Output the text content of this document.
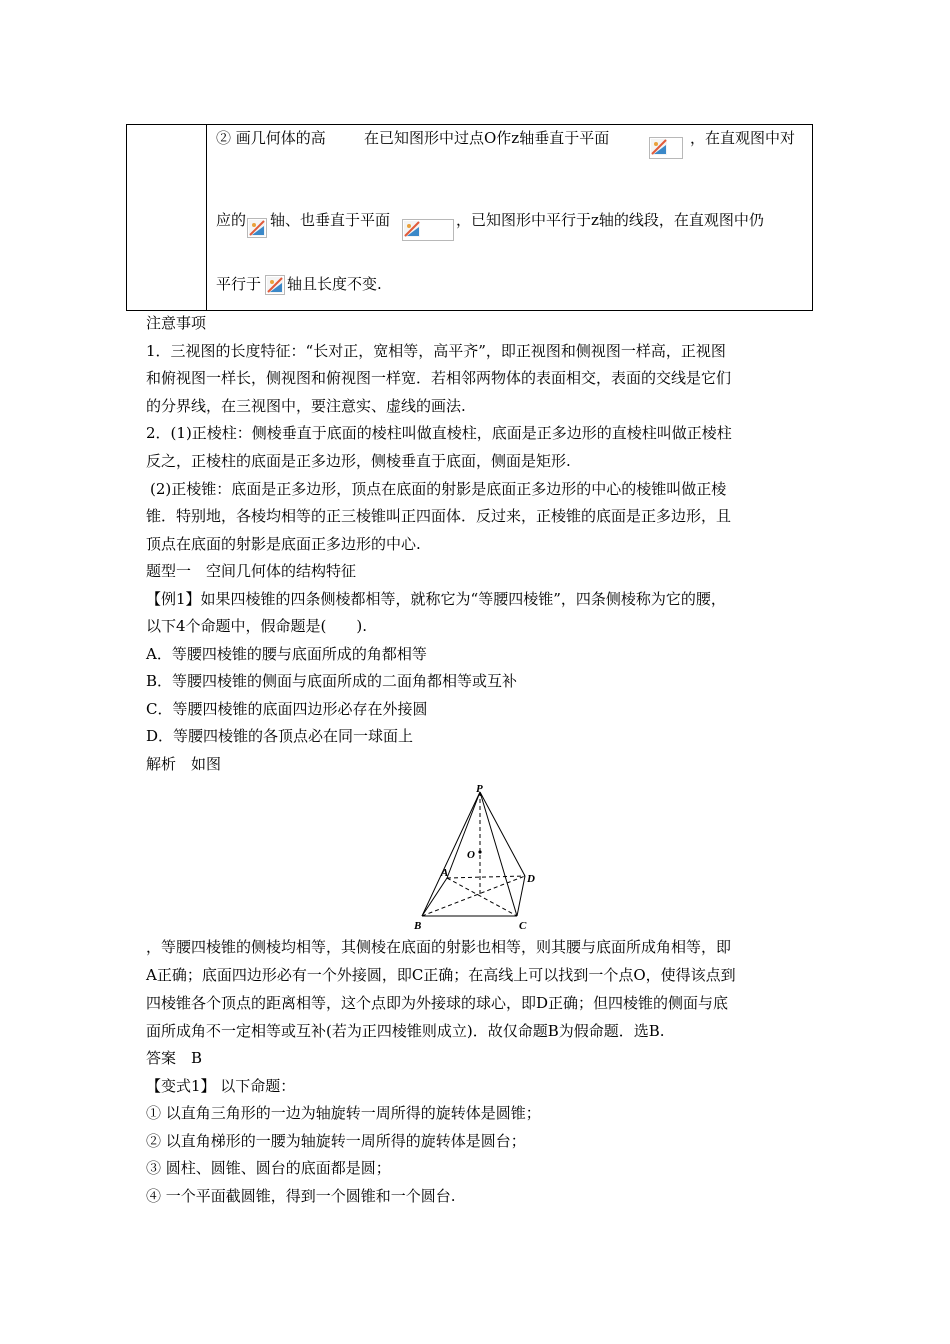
② 画几何体的高	在已知图形中过点O作z轴垂直于平面	，在直观图中对
应的 轴、也垂直于平面	，已知图形中平行于z轴的线段，在直观图中仍
平行于 轴且长度不变.
注意事项
1．三视图的长度特征：“长对正，宽相等，高平齐”，即正视图和侧视图一样高，正视图
和俯视图一样长，侧视图和俯视图一样宽．若相邻两物体的表面相交，表面的交线是它们
的分界线，在三视图中，要注意实、虚线的画法.
2．(1)正棱柱：侧棱垂直于底面的棱柱叫做直棱柱，底面是正多边形的直棱柱叫做正棱柱
反之，正棱柱的底面是正多边形，侧棱垂直于底面，侧面是矩形.
(2)正棱锥：底面是正多边形，顶点在底面的射影是底面正多边形的中心的棱锥叫做正棱
锥．特别地，各棱均相等的正三棱锥叫正四面体．反过来，正棱锥的底面是正多边形，且
顶点在底面的射影是底面正多边形的中心.
题型一　空间几何体的结构特征
【例1】如果四棱锥的四条侧棱都相等，就称它为“等腰四棱锥”，四条侧棱称为它的腰，
以下4个命题中，假命题是(　　).
A．等腰四棱锥的腰与底面所成的角都相等
B．等腰四棱锥的侧面与底面所成的二面角都相等或互补
C．等腰四棱锥的底面四边形必存在外接圆
D．等腰四棱锥的各顶点必在同一球面上
解析　如图
P
O
A
B	C
D
，等腰四棱锥的侧棱均相等，其侧棱在底面的射影也相等，则其腰与底面所成角相等，即
A正确；底面四边形必有一个外接圆，即C正确；在高线上可以找到一个点O，使得该点到
四棱锥各个顶点的距离相等，这个点即为外接球的球心，即D正确；但四棱锥的侧面与底
面所成角不一定相等或互补(若为正四棱锥则成立)．故仅命题B为假命题．选B.
答案　B
【变式1】 以下命题：
① 以直角三角形的一边为轴旋转一周所得的旋转体是圆锥；
② 以直角梯形的一腰为轴旋转一周所得的旋转体是圆台；
③ 圆柱、圆锥、圆台的底面都是圆；
④ 一个平面截圆锥，得到一个圆锥和一个圆台.
